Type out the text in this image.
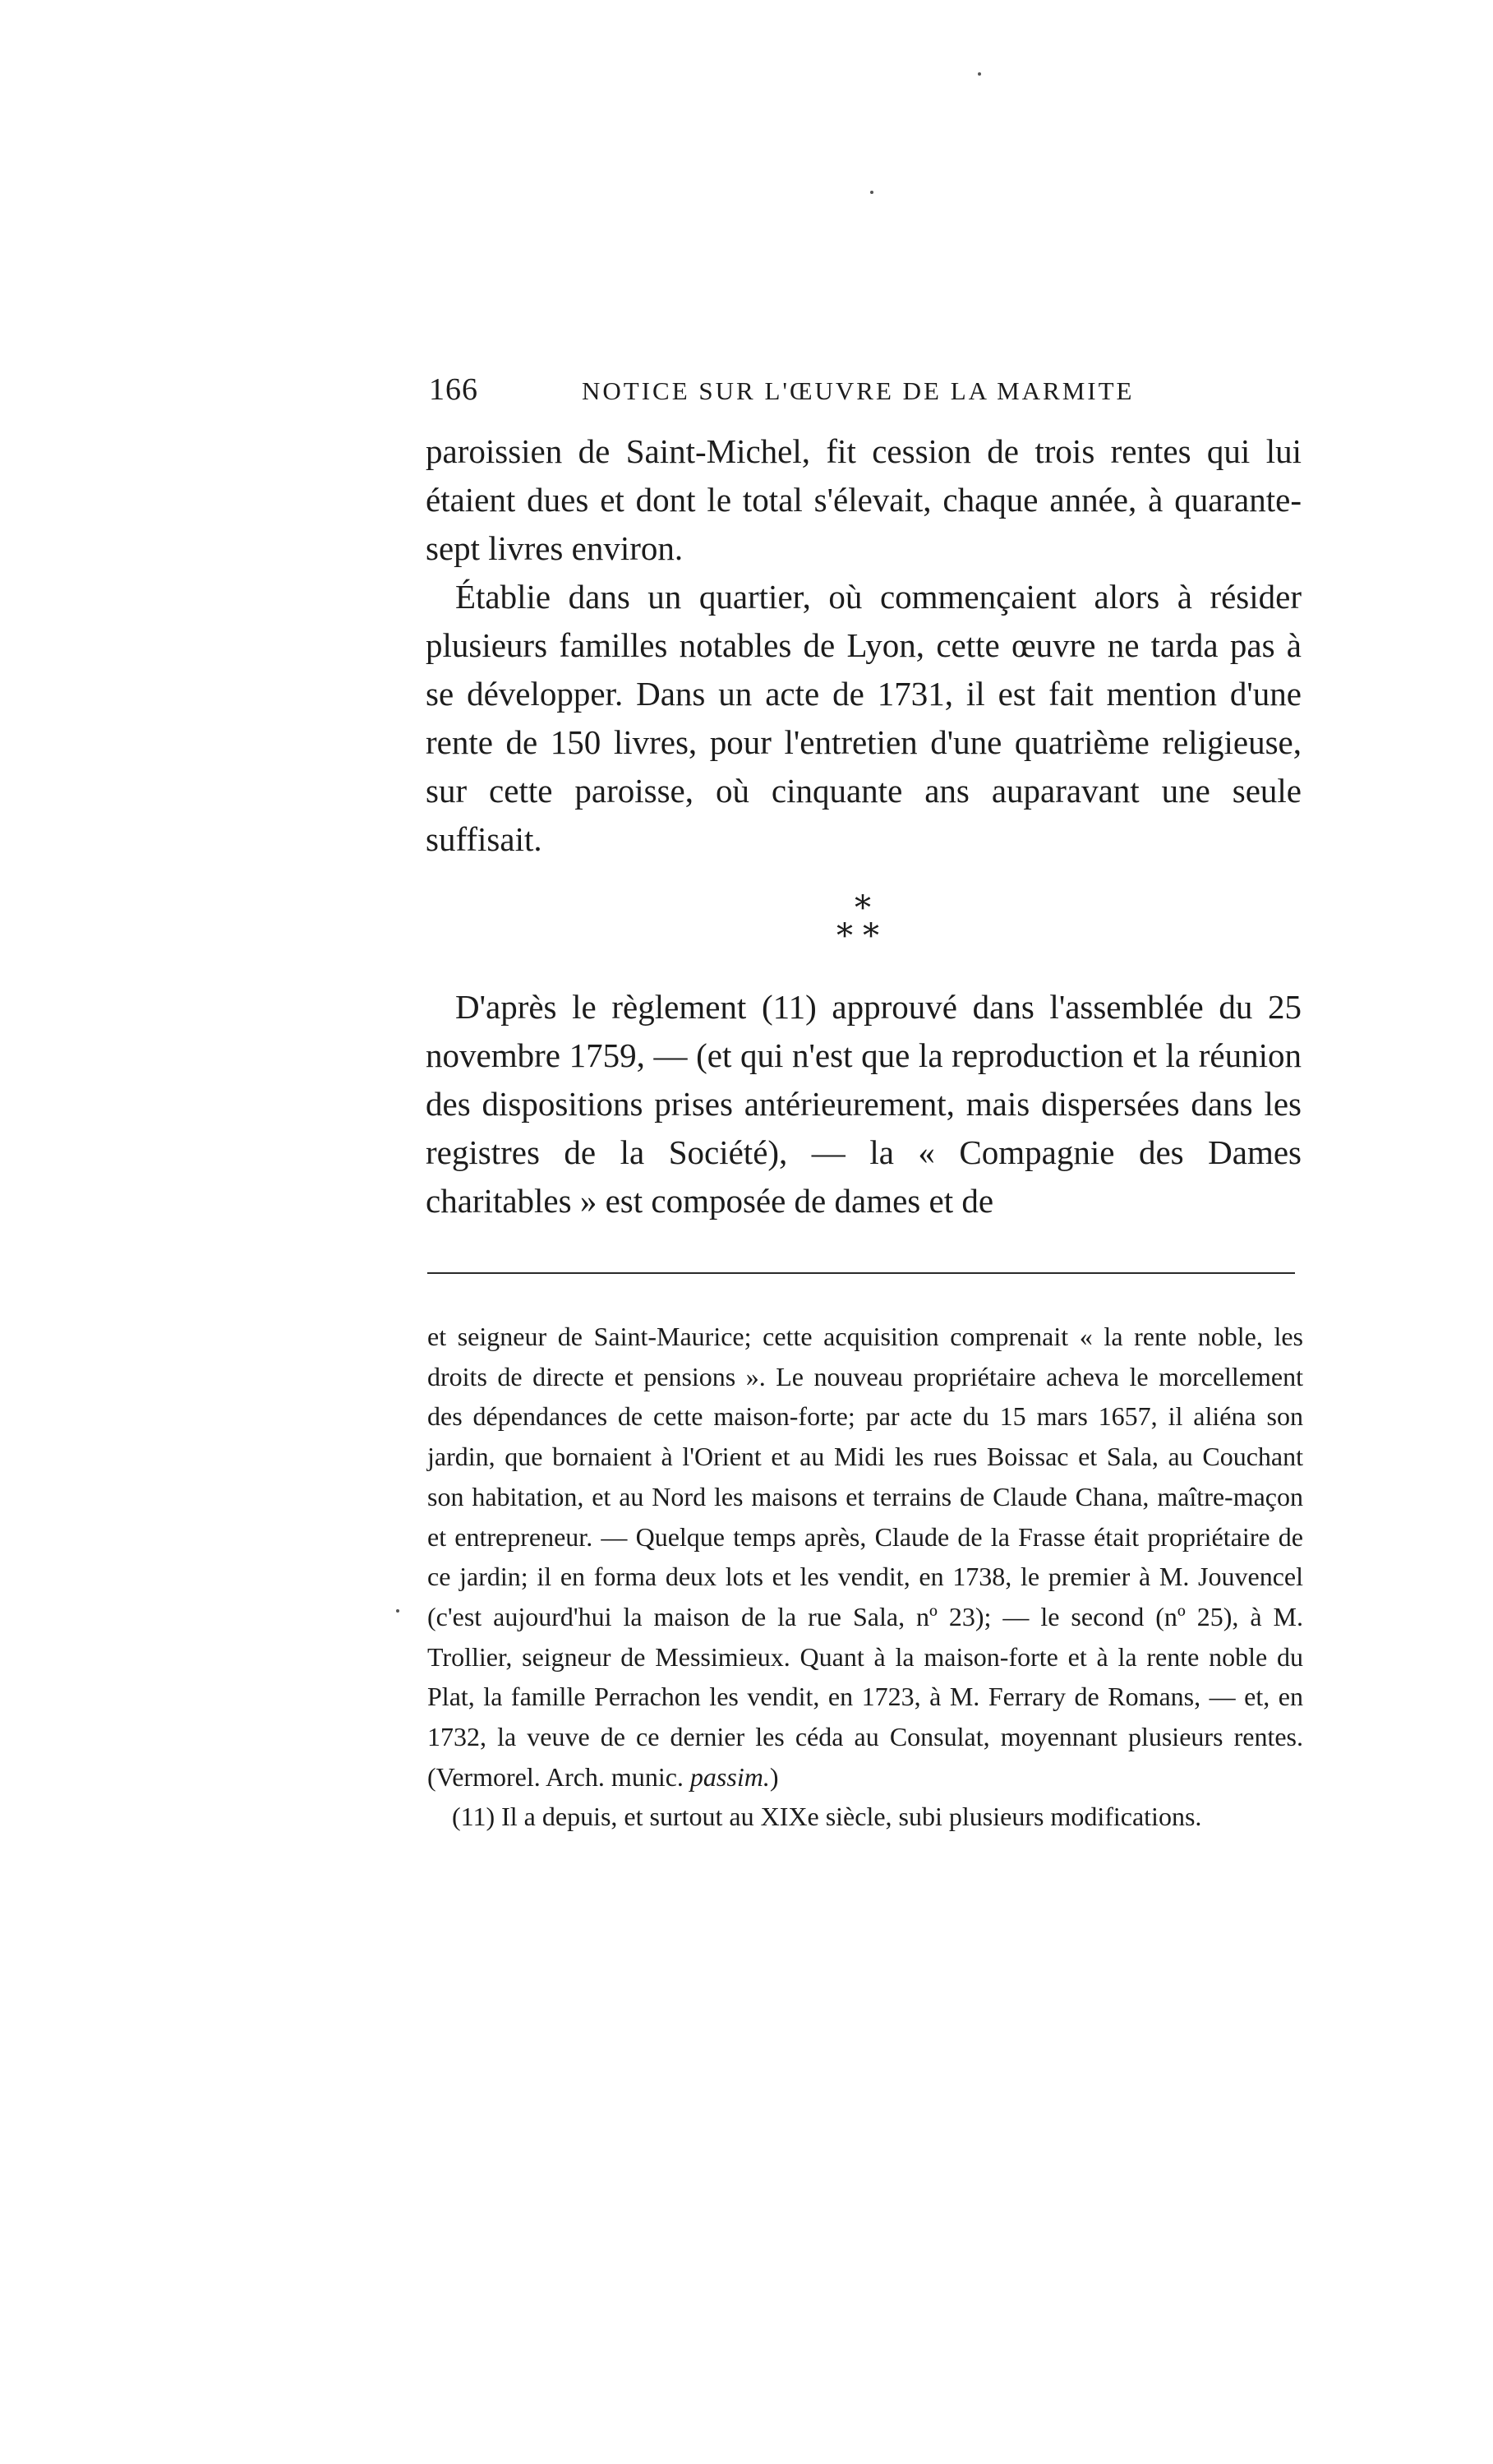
166	NOTICE SUR L'ŒUVRE DE LA MARMITE

paroissien de Saint-Michel, fit cession de trois rentes qui lui étaient dues et dont le total s'élevait, chaque année, à quarante-sept livres environ.

Établie dans un quartier, où commençaient alors à résider plusieurs familles notables de Lyon, cette œuvre ne tarda pas à se développer. Dans un acte de 1731, il est fait mention d'une rente de 150 livres, pour l'entretien d'une quatrième religieuse, sur cette paroisse, où cinquante ans auparavant une seule suffisait.

*
**

D'après le règlement (11) approuvé dans l'assemblée du 25 novembre 1759, — (et qui n'est que la reproduction et la réunion des dispositions prises antérieurement, mais dispersées dans les registres de la Société), — la « Compagnie des Dames charitables » est composée de dames et de

et seigneur de Saint-Maurice; cette acquisition comprenait « la rente noble, les droits de directe et pensions ». Le nouveau propriétaire acheva le morcellement des dépendances de cette maison-forte; par acte du 15 mars 1657, il aliéna son jardin, que bornaient à l'Orient et au Midi les rues Boissac et Sala, au Couchant son habitation, et au Nord les maisons et terrains de Claude Chana, maître-maçon et entrepreneur. — Quelque temps après, Claude de la Frasse était propriétaire de ce jardin; il en forma deux lots et les vendit, en 1738, le premier à M. Jouvencel (c'est aujourd'hui la maison de la rue Sala, nº 23); — le second (nº 25), à M. Trollier, seigneur de Messimieux. Quant à la maison-forte et à la rente noble du Plat, la famille Perrachon les vendit, en 1723, à M. Ferrary de Romans, — et, en 1732, la veuve de ce dernier les céda au Consulat, moyennant plusieurs rentes. (Vermorel. Arch. munic. passim.)

(11) Il a depuis, et surtout au XIXe siècle, subi plusieurs modifications.
